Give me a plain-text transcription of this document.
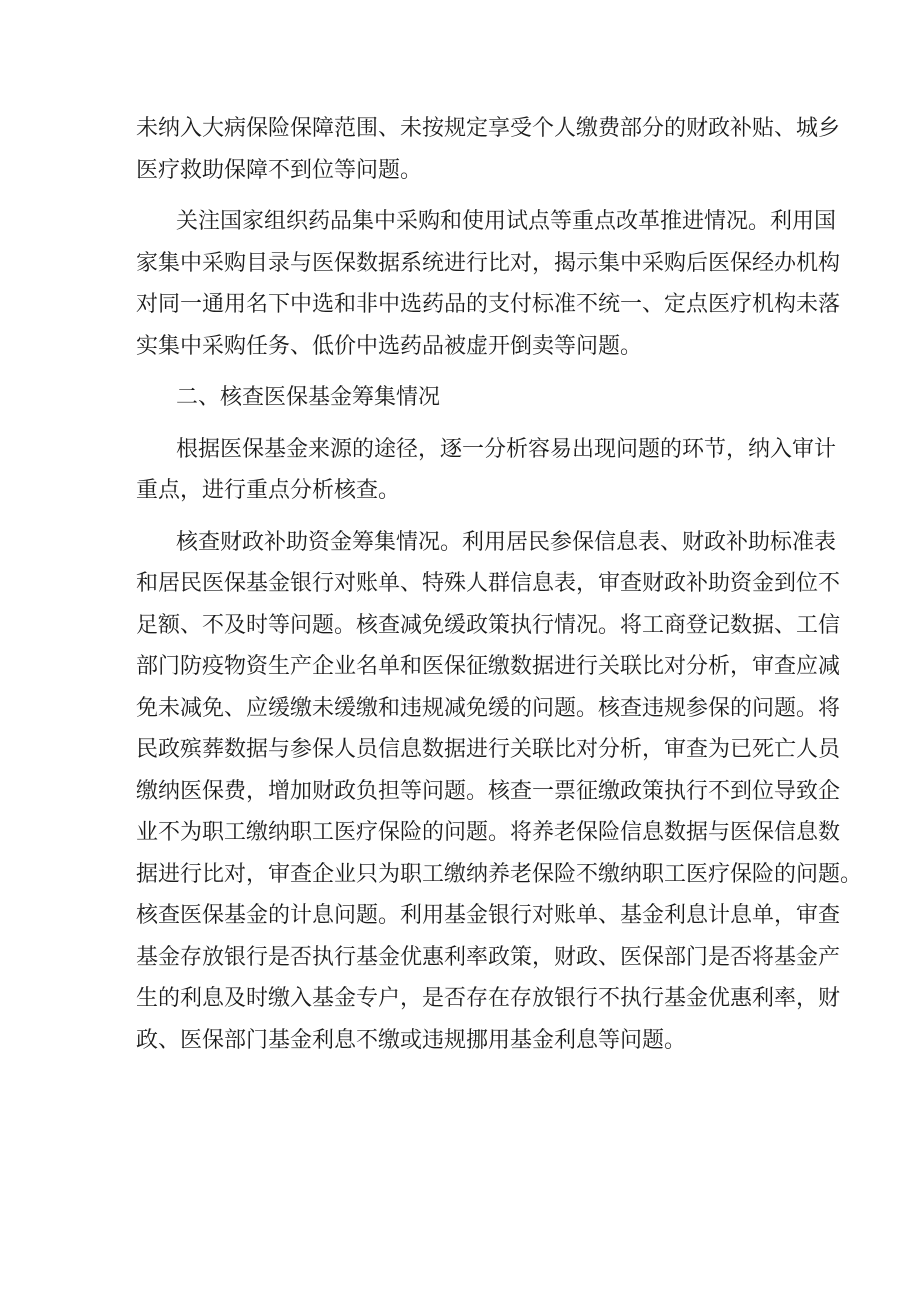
未纳入大病保险保障范围、未按规定享受个人缴费部分的财政补贴、城乡
医疗救助保障不到位等问题。
关注国家组织药品集中采购和使用试点等重点改革推进情况。利用国
家集中采购目录与医保数据系统进行比对，揭示集中采购后医保经办机构
对同一通用名下中选和非中选药品的支付标准不统一、定点医疗机构未落
实集中采购任务、低价中选药品被虚开倒卖等问题。
二、核查医保基金筹集情况
根据医保基金来源的途径，逐一分析容易出现问题的环节，纳入审计
重点，进行重点分析核查。
核查财政补助资金筹集情况。利用居民参保信息表、财政补助标准表
和居民医保基金银行对账单、特殊人群信息表，审查财政补助资金到位不
足额、不及时等问题。核查减免缓政策执行情况。将工商登记数据、工信
部门防疫物资生产企业名单和医保征缴数据进行关联比对分析，审查应减
免未减免、应缓缴未缓缴和违规减免缓的问题。核查违规参保的问题。将
民政殡葬数据与参保人员信息数据进行关联比对分析，审查为已死亡人员
缴纳医保费，增加财政负担等问题。核查一票征缴政策执行不到位导致企
业不为职工缴纳职工医疗保险的问题。将养老保险信息数据与医保信息数
据进行比对，审查企业只为职工缴纳养老保险不缴纳职工医疗保险的问题。
核查医保基金的计息问题。利用基金银行对账单、基金利息计息单，审查
基金存放银行是否执行基金优惠利率政策，财政、医保部门是否将基金产
生的利息及时缴入基金专户，是否存在存放银行不执行基金优惠利率，财
政、医保部门基金利息不缴或违规挪用基金利息等问题。
